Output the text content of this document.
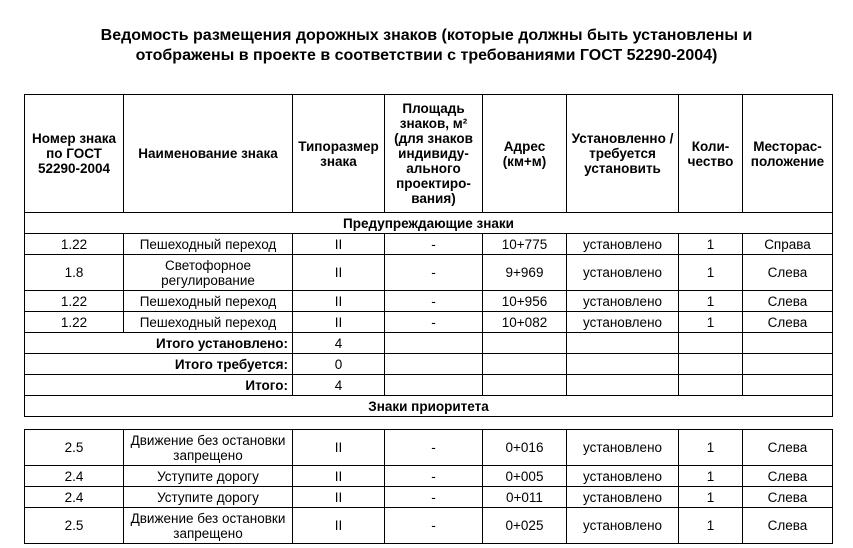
Ведомость размещения дорожных знаков (которые должны быть установлены и
отображены в проекте в соответствии с требованиями ГОСТ 52290-2004)
Номер знака по ГОСТ 52290-2004	Наименование знака	Типоразмер знака	Площадь знаков, м² (для знаков индивидуального проектирования)	Адрес (км+м)	Установленно / требуется установить	Количество	Месторасположение
Предупреждающие знаки							
1.22	Пешеходный переход	II	-	10+775	установлено	1	Справа
1.8	Светофорное регулирование	II	-	9+969	установлено	1	Слева
1.22	Пешеходный переход	II	-	10+956	установлено	1	Слева
1.22	Пешеходный переход	II	-	10+082	установлено	1	Слева
Итого установлено:		4					
Итого требуется:		0					
Итого:		4					
Знаки приоритета							

2.5	Движение без остановки запрещено	II	-	0+016	установлено	1	Слева
2.4	Уступите дорогу	II	-	0+005	установлено	1	Слева
2.4	Уступите дорогу	II	-	0+011	установлено	1	Слева
2.5	Движение без остановки запрещено	II	-	0+025	установлено	1	Слева
